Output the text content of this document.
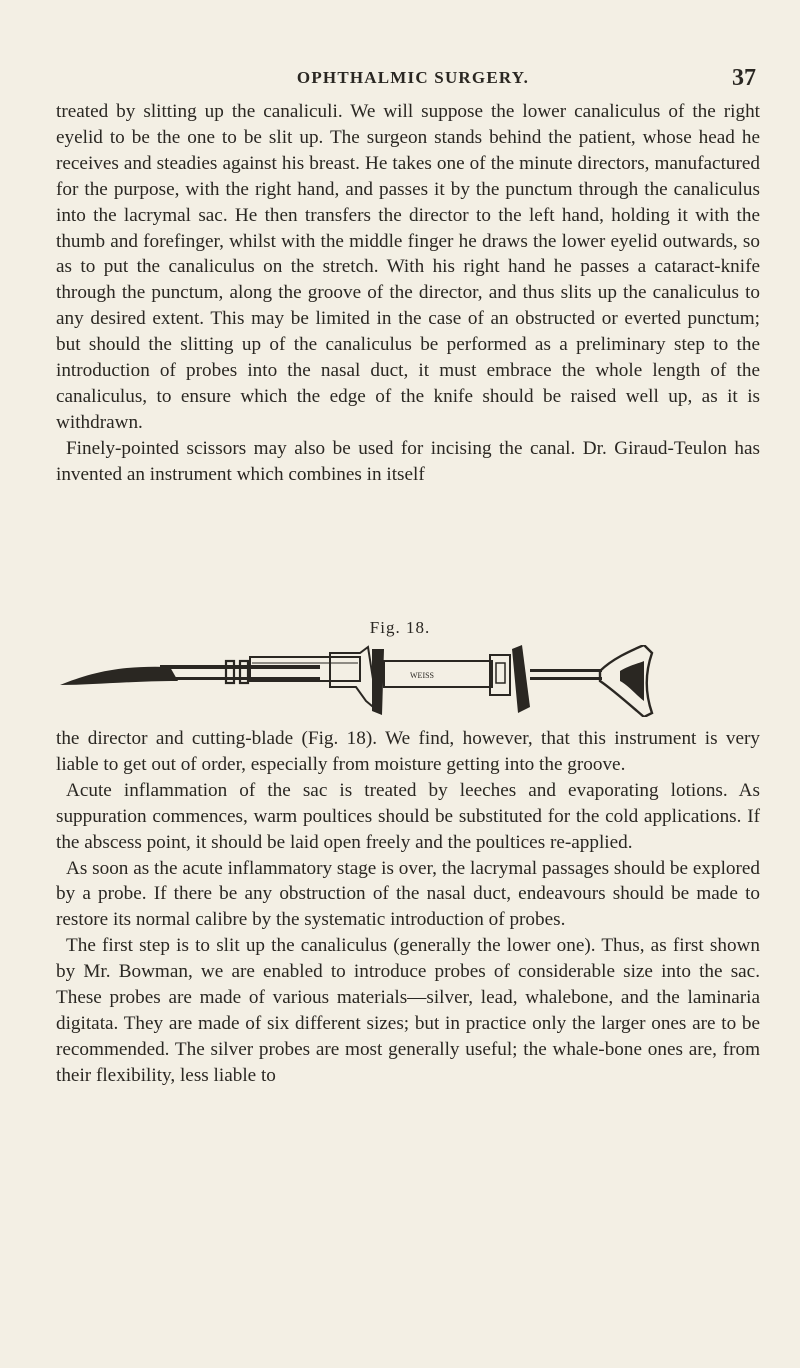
OPHTHALMIC SURGERY.	37

treated by slitting up the canaliculi. We will suppose the lower canaliculus of the right eyelid to be the one to be slit up. The surgeon stands behind the patient, whose head he receives and steadies against his breast. He takes one of the minute directors, manufactured for the purpose, with the right hand, and passes it by the punctum through the canaliculus into the lacrymal sac. He then transfers the director to the left hand, holding it with the thumb and forefinger, whilst with the middle finger he draws the lower eyelid outwards, so as to put the canaliculus on the stretch. With his right hand he passes a cataract-knife through the punctum, along the groove of the director, and thus slits up the canaliculus to any desired extent. This may be limited in the case of an obstructed or everted punctum; but should the slitting up of the canaliculus be performed as a preliminary step to the introduction of probes into the nasal duct, it must embrace the whole length of the canaliculus, to ensure which the edge of the knife should be raised well up, as it is withdrawn.

Finely-pointed scissors may also be used for incising the canal. Dr. Giraud-Teulon has invented an instrument which combines in itself

Fig. 18.
WEISS

the director and cutting-blade (Fig. 18). We find, however, that this instrument is very liable to get out of order, especially from moisture getting into the groove.

Acute inflammation of the sac is treated by leeches and evaporating lotions. As suppuration commences, warm poultices should be substituted for the cold applications. If the abscess point, it should be laid open freely and the poultices re-applied.

As soon as the acute inflammatory stage is over, the lacrymal passages should be explored by a probe. If there be any obstruction of the nasal duct, endeavours should be made to restore its normal calibre by the systematic introduction of probes.

The first step is to slit up the canaliculus (generally the lower one). Thus, as first shown by Mr. Bowman, we are enabled to introduce probes of considerable size into the sac. These probes are made of various materials—silver, lead, whalebone, and the laminaria digitata. They are made of six different sizes; but in practice only the larger ones are to be recommended. The silver probes are most generally useful; the whale-bone ones are, from their flexibility, less liable to
